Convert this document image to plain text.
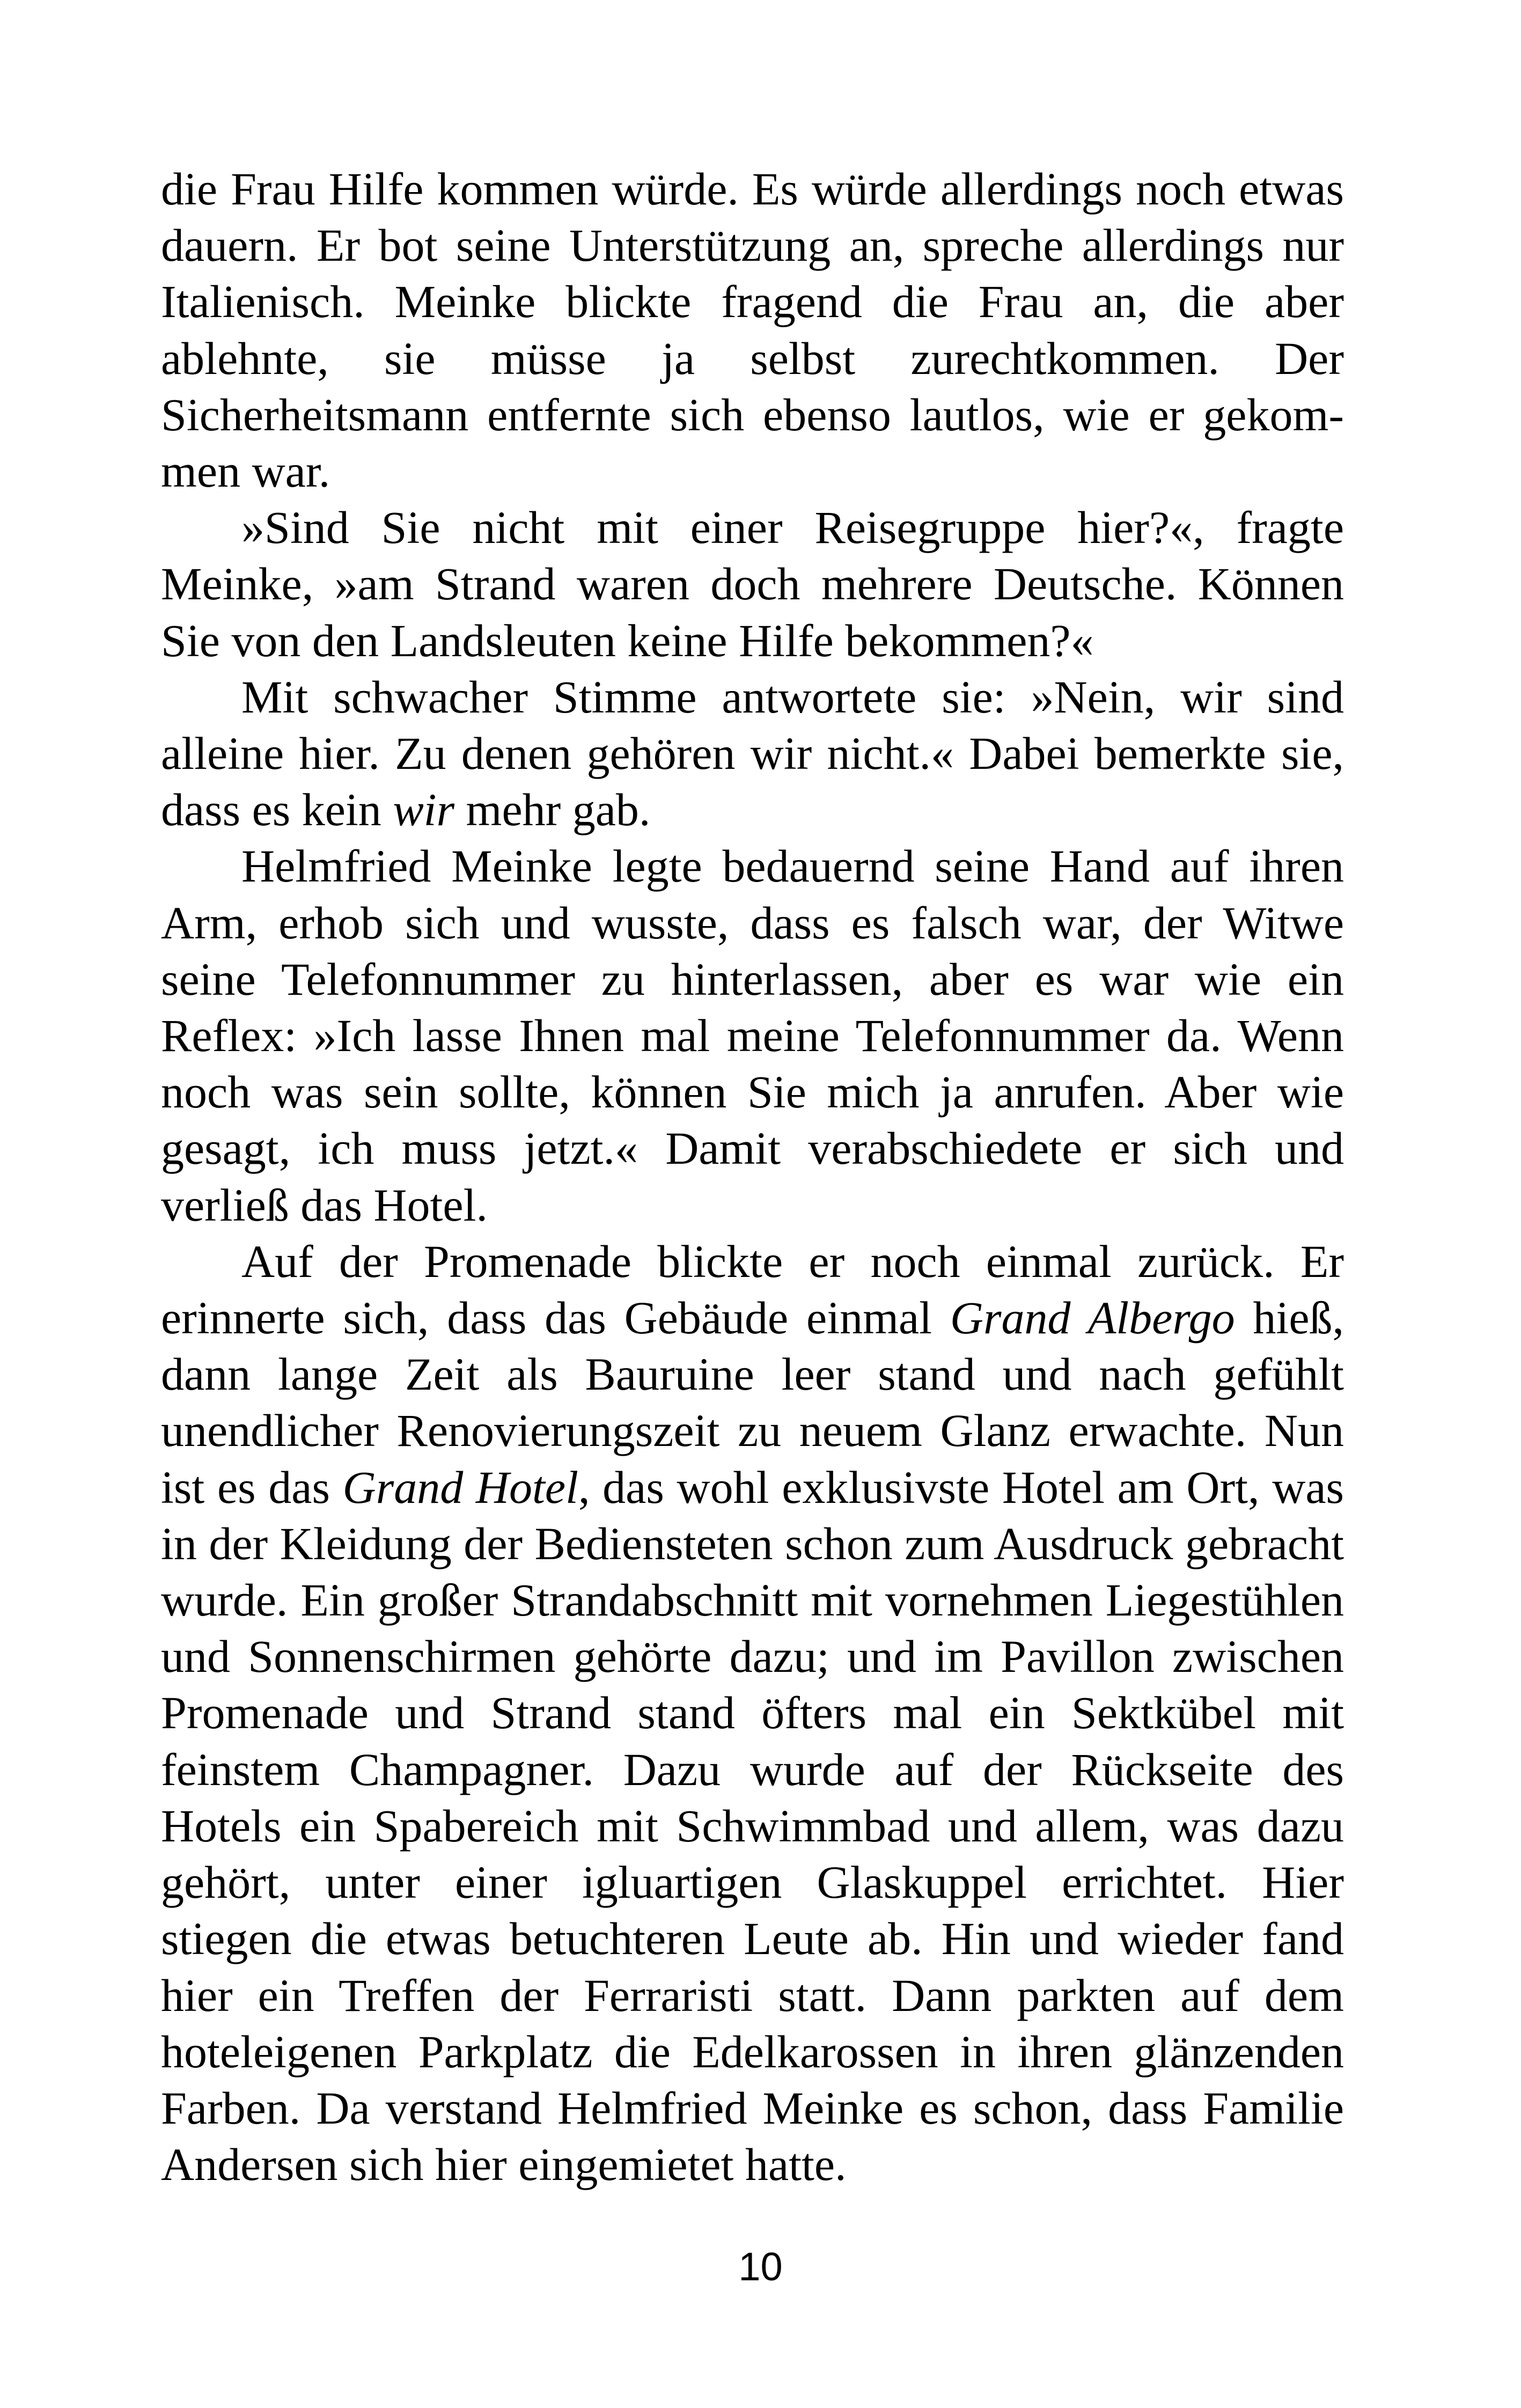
die Frau Hilfe kommen würde. Es würde allerdings noch etwas dauern. Er bot seine Unterstützung an, spreche allerdings nur Italienisch. Meinke blickte fragend die Frau an, die aber ablehnte, sie müsse ja selbst zurechtkommen. Der Sicherheitsmann entfernte sich ebenso lautlos, wie er gekommen war.

»Sind Sie nicht mit einer Reisegruppe hier?«, fragte Meinke, »am Strand waren doch mehrere Deutsche. Können Sie von den Landsleuten keine Hilfe bekommen?«

Mit schwacher Stimme antwortete sie: »Nein, wir sind alleine hier. Zu denen gehören wir nicht.« Dabei bemerkte sie, dass es kein wir mehr gab.

Helmfried Meinke legte bedauernd seine Hand auf ihren Arm, erhob sich und wusste, dass es falsch war, der Witwe seine Telefonnummer zu hinterlassen, aber es war wie ein Reflex: »Ich lasse Ihnen mal meine Telefonnummer da. Wenn noch was sein sollte, können Sie mich ja anrufen. Aber wie gesagt, ich muss jetzt.« Damit verabschiedete er sich und verließ das Hotel.

Auf der Promenade blickte er noch einmal zurück. Er erinnerte sich, dass das Gebäude einmal Grand Albergo hieß, dann lange Zeit als Bauruine leer stand und nach gefühlt unendlicher Renovierungszeit zu neuem Glanz erwachte. Nun ist es das Grand Hotel, das wohl exklusivste Hotel am Ort, was in der Kleidung der Bediensteten schon zum Ausdruck gebracht wurde. Ein großer Strandabschnitt mit vornehmen Liegestühlen und Sonnenschirmen gehörte dazu; und im Pavillon zwischen Promenade und Strand stand öfters mal ein Sektkübel mit feinstem Champagner. Dazu wurde auf der Rückseite des Hotels ein Spabereich mit Schwimmbad und allem, was dazu gehört, unter einer igluartigen Glaskuppel errichtet. Hier stiegen die etwas betuchteren Leute ab. Hin und wieder fand hier ein Treffen der Ferraristi statt. Dann parkten auf dem hoteleigenen Parkplatz die Edelkarossen in ihren glänzenden Farben. Da verstand Helmfried Meinke es schon, dass Familie Andersen sich hier eingemietet hatte.

10
